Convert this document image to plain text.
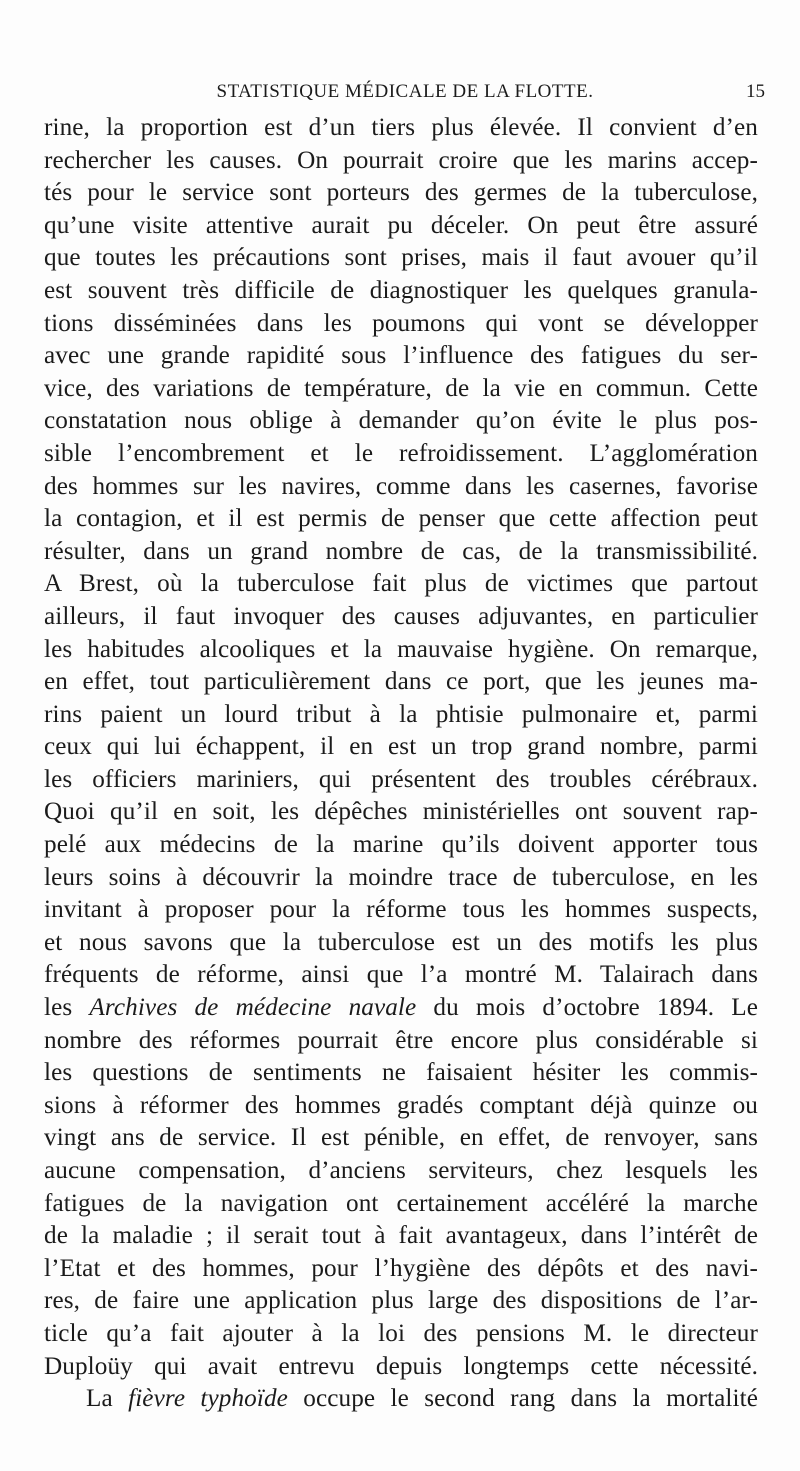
STATISTIQUE MÉDICALE DE LA FLOTTE.	15
rine, la proportion est d’un tiers plus élevée. Il convient d’en
rechercher les causes. On pourrait croire que les marins accep-
tés pour le service sont porteurs des germes de la tuberculose,
qu’une visite attentive aurait pu déceler. On peut être assuré
que toutes les précautions sont prises, mais il faut avouer qu’il
est souvent très difficile de diagnostiquer les quelques granula-
tions disséminées dans les poumons qui vont se développer
avec une grande rapidité sous l’influence des fatigues du ser-
vice, des variations de température, de la vie en commun. Cette
constatation nous oblige à demander qu’on évite le plus pos-
sible l’encombrement et le refroidissement. L’agglomération
des hommes sur les navires, comme dans les casernes, favorise
la contagion, et il est permis de penser que cette affection peut
résulter, dans un grand nombre de cas, de la transmissibilité.
A Brest, où la tuberculose fait plus de victimes que partout
ailleurs, il faut invoquer des causes adjuvantes, en particulier
les habitudes alcooliques et la mauvaise hygiène. On remarque,
en effet, tout particulièrement dans ce port, que les jeunes ma-
rins paient un lourd tribut à la phtisie pulmonaire et, parmi
ceux qui lui échappent, il en est un trop grand nombre, parmi
les officiers mariniers, qui présentent des troubles cérébraux.
Quoi qu’il en soit, les dépêches ministérielles ont souvent rap-
pelé aux médecins de la marine qu’ils doivent apporter tous
leurs soins à découvrir la moindre trace de tuberculose, en les
invitant à proposer pour la réforme tous les hommes suspects,
et nous savons que la tuberculose est un des motifs les plus
fréquents de réforme, ainsi que l’a montré M. Talairach dans
les Archives de médecine navale du mois d’octobre 1894. Le
nombre des réformes pourrait être encore plus considérable si
les questions de sentiments ne faisaient hésiter les commis-
sions à réformer des hommes gradés comptant déjà quinze ou
vingt ans de service. Il est pénible, en effet, de renvoyer, sans
aucune compensation, d’anciens serviteurs, chez lesquels les
fatigues de la navigation ont certainement accéléré la marche
de la maladie ; il serait tout à fait avantageux, dans l’intérêt de
l’Etat et des hommes, pour l’hygiène des dépôts et des navi-
res, de faire une application plus large des dispositions de l’ar-
ticle qu’a fait ajouter à la loi des pensions M. le directeur
Duploüy qui avait entrevu depuis longtemps cette nécessité.
La fièvre typhoïde occupe le second rang dans la mortalité
